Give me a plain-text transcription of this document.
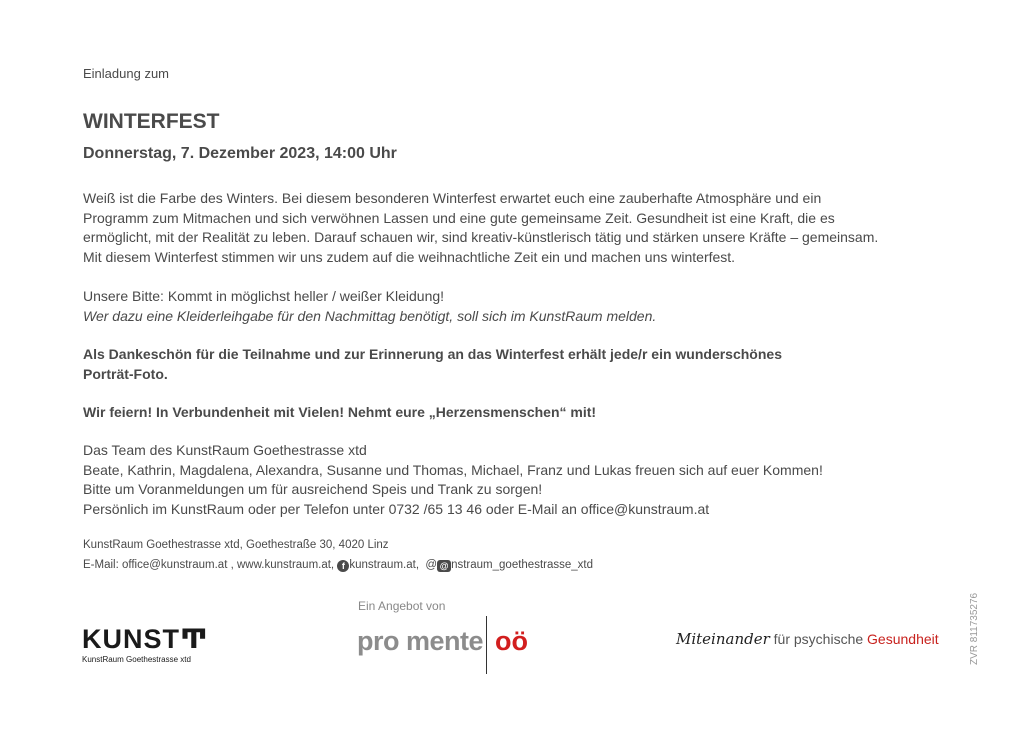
Einladung zum
WINTERFEST
Donnerstag, 7. Dezember 2023, 14:00 Uhr
Weiß ist die Farbe des Winters. Bei diesem besonderen Winterfest erwartet euch eine zauberhafte Atmosphäre und ein
Programm zum Mitmachen und sich verwöhnen Lassen und eine gute gemeinsame Zeit. Gesundheit ist eine Kraft, die es
ermöglicht, mit der Realität zu leben. Darauf schauen wir, sind kreativ-künstlerisch tätig und stärken unsere Kräfte – gemeinsam.
Mit diesem Winterfest stimmen wir uns zudem auf die weihnachtliche Zeit ein und machen uns winterfest.
Unsere Bitte: Kommt in möglichst heller / weißer Kleidung!
Wer dazu eine Kleiderleihgabe für den Nachmittag benötigt, soll sich im KunstRaum melden.
Als Dankeschön für die Teilnahme und zur Erinnerung an das Winterfest erhält jede/r ein wunderschönes
Porträt-Foto.
Wir feiern! In Verbundenheit mit Vielen! Nehmt eure „Herzensmenschen“ mit!
Das Team des KunstRaum Goethestrasse xtd
Beate, Kathrin, Magdalena, Alexandra, Susanne und Thomas, Michael, Franz und Lukas freuen sich auf euer Kommen!
Bitte um Voranmeldungen um für ausreichend Speis und Trank zu sorgen!
Persönlich im KunstRaum oder per Telefon unter 0732 /65 13 46 oder E-Mail an office@kunstraum.at
KunstRaum Goethestrasse xtd, Goethestraße 30, 4020 Linz
E-Mail: office@kunstraum.at , www.kunstraum.at, f kunstraum.at, @ @ nstraum_goethestrasse_xtd
Ein Angebot von
KUNSTͲ
KunstRaum Goethestrasse xtd
pro mente oö	Miteinander für psychische Gesundheit	ZVR 811735276
